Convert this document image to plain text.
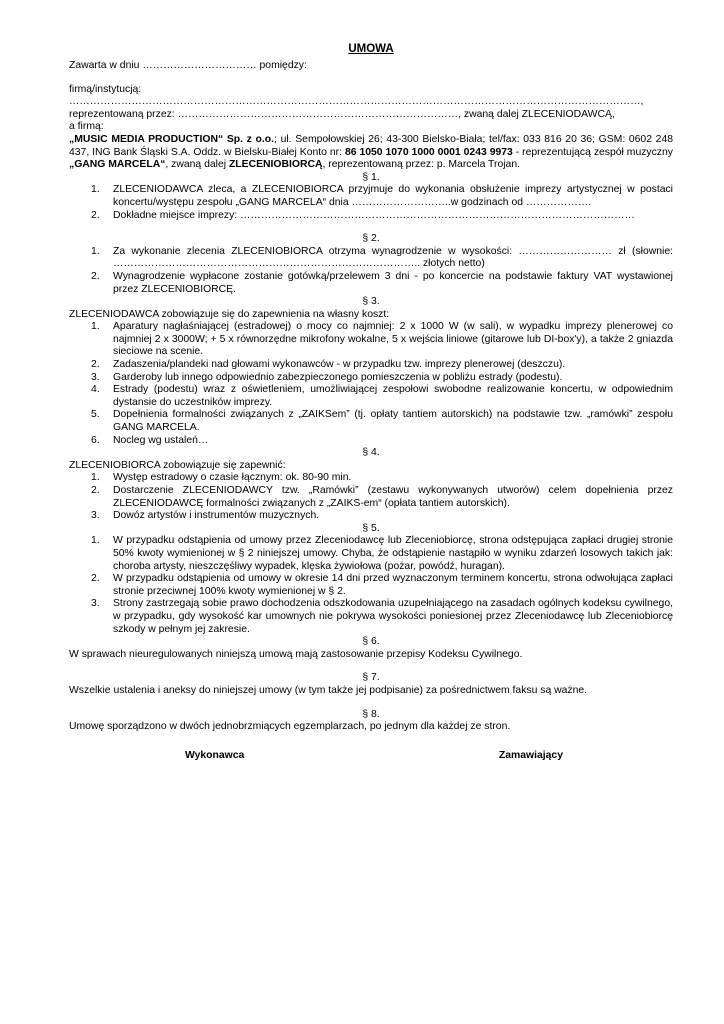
UMOWA

Zawarta w dniu …………………………… pomiędzy:

firmą/instytucją:

…………………………………………………………………………………………………………………………………………………,

reprezentowaną przez: ………………………………………………………………………, zwaną dalej ZLECENIODAWCĄ,

a firmą:

„MUSIC MEDIA PRODUCTION“ Sp. z o.o.; ul. Sempołowskiej 26; 43-300 Bielsko-Biała; tel/fax: 033 816 20 36; GSM: 0602 248 437, ING Bank Śląski S.A. Oddz. w Bielsku-Białej Konto nr: 86 1050 1070 1000 0001 0243 9973 - reprezentującą zespół muzyczny „GANG MARCELA“, zwaną dalej ZLECENIOBIORCĄ, reprezentowaną przez: p. Marcela Trojan.

§ 1.

1. ZLECENIODAWCA zleca, a ZLECENIOBIORCA przyjmuje do wykonania obsłużenie imprezy artystycznej w postaci koncertu/występu zespołu „GANG MARCELA“ dnia ………………………..w godzinach od ……………….
2. Dokładne miejsce imprezy: ……………………………………………………………………………………………………

§ 2.

1. Za wykonanie zlecenia ZLECENIOBIORCA otrzyma wynagrodzenie w wysokości: ……………………… zł (słownie: …………………………………………………………………………….. złotych netto)
2. Wynagrodzenie wypłacone zostanie gotówką/przelewem 3 dni - po koncercie na podstawie faktury VAT wystawionej przez ZLECENIOBIORCĘ.

§ 3.

ZLECENIODAWCA zobowiązuje się do zapewnienia na własny koszt:

1. Aparatury nagłaśniającej (estradowej) o mocy co najmniej: 2 x 1000 W (w sali), w wypadku imprezy plenerowej co najmniej 2 x 3000W; + 5 x równorzędne mikrofony wokalne, 5 x wejścia liniowe (gitarowe lub DI-box'y), a także 2 gniazda sieciowe na scenie.
2. Zadaszenia/plandeki nad głowami wykonawców - w przypadku tzw. imprezy plenerowej (deszczu).
3. Garderoby lub innego odpowiednio zabezpieczonego pomieszczenia w pobliżu estrady (podestu).
4. Estrady (podestu) wraz z oświetleniem, umożliwiającej zespołowi swobodne realizowanie koncertu, w odpowiednim dystansie do uczestników imprezy.
5. Dopełnienia formalności związanych z „ZAIKSem” (tj. opłaty tantiem autorskich) na podstawie tzw. „ramówki” zespołu GANG MARCELA.
6. Nocleg wg ustaleń…

§ 4.

ZLECENIOBIORCA zobowiązuje się zapewnić:

1. Występ estradowy o czasie łącznym: ok. 80-90 min.
2. Dostarczenie ZLECENIODAWCY tzw. „Ramówki” (zestawu wykonywanych utworów) celem dopełnienia przez ZLECENIODAWCĘ formalności związanych z „ZAIKS-em“ (opłata tantiem autorskich).
3. Dowóz artystów i instrumentów muzycznych.

§ 5.

1. W przypadku odstąpienia od umowy przez Zleceniodawcę lub Zleceniobiorcę, strona odstępująca zapłaci drugiej stronie 50% kwoty wymienionej w § 2 niniejszej umowy. Chyba, że odstąpienie nastąpiło w wyniku zdarzeń losowych takich jak: choroba artysty, nieszczęśliwy wypadek, klęska żywiołowa (pożar, powódź, huragan).
2. W przypadku odstąpienia od umowy w okresie 14 dni przed wyznaczonym terminem koncertu, strona odwołująca zapłaci stronie przeciwnej 100% kwoty wymienionej w § 2.
3. Strony zastrzegają sobie prawo dochodzenia odszkodowania uzupełniającego na zasadach ogólnych kodeksu cywilnego, w przypadku, gdy wysokość kar umownych nie pokrywa wysokości poniesionej przez Zleceniodawcę lub Zleceniobiorcę szkody w pełnym jej zakresie.

§ 6.

W sprawach nieuregulowanych niniejszą umową mają zastosowanie przepisy Kodeksu Cywilnego.

§ 7.

Wszelkie ustalenia i aneksy do niniejszej umowy (w tym także jej podpisanie) za pośrednictwem faksu są ważne.

§ 8.

Umowę sporządzono w dwóch jednobrzmiących egzemplarzach, po jednym dla każdej ze stron.

Wykonawca	Zamawiający
